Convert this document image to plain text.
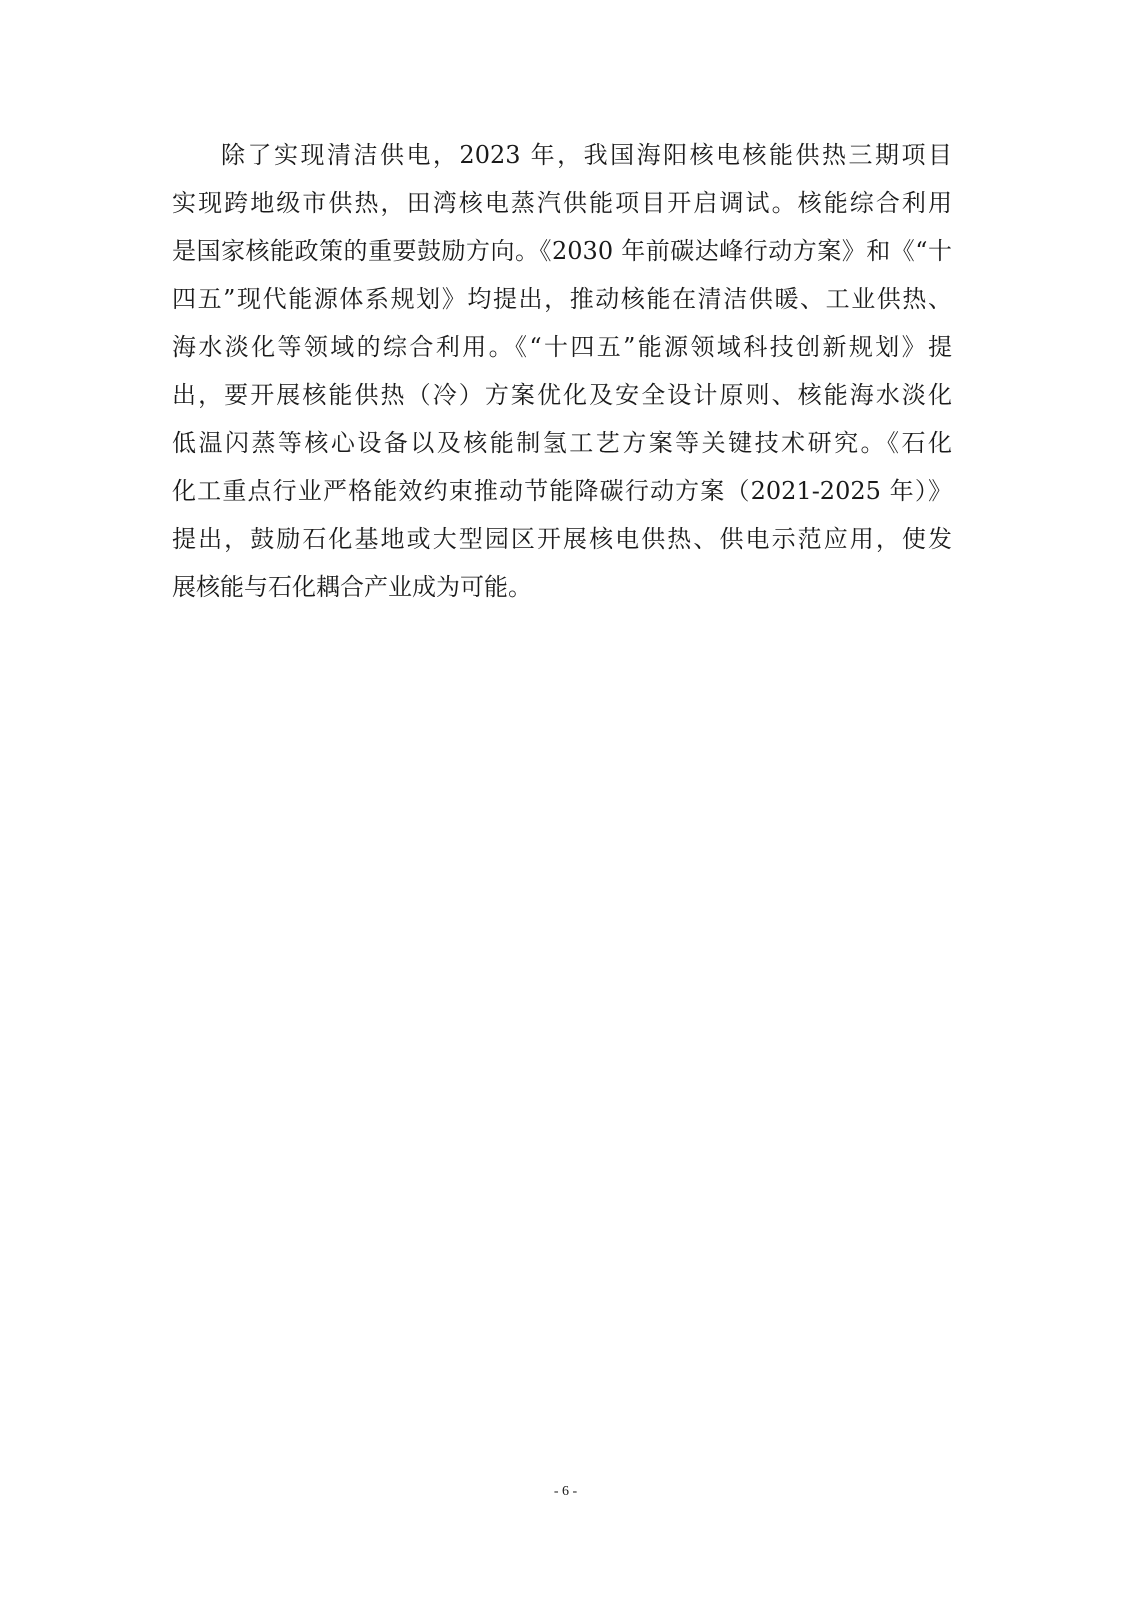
除了实现清洁供电，2023 年，我国海阳核电核能供热三期项目
实现跨地级市供热，田湾核电蒸汽供能项目开启调试。核能综合利用
是国家核能政策的重要鼓励方向。《2030 年前碳达峰行动方案》和《“十
四五”现代能源体系规划》均提出，推动核能在清洁供暖、工业供热、
海水淡化等领域的综合利用。《“十四五”能源领域科技创新规划》提
出，要开展核能供热（冷）方案优化及安全设计原则、核能海水淡化
低温闪蒸等核心设备以及核能制氢工艺方案等关键技术研究。《石化
化工重点行业严格能效约束推动节能降碳行动方案（2021-2025 年）》
提出，鼓励石化基地或大型园区开展核电供热、供电示范应用，使发
展核能与石化耦合产业成为可能。
- 6 -
